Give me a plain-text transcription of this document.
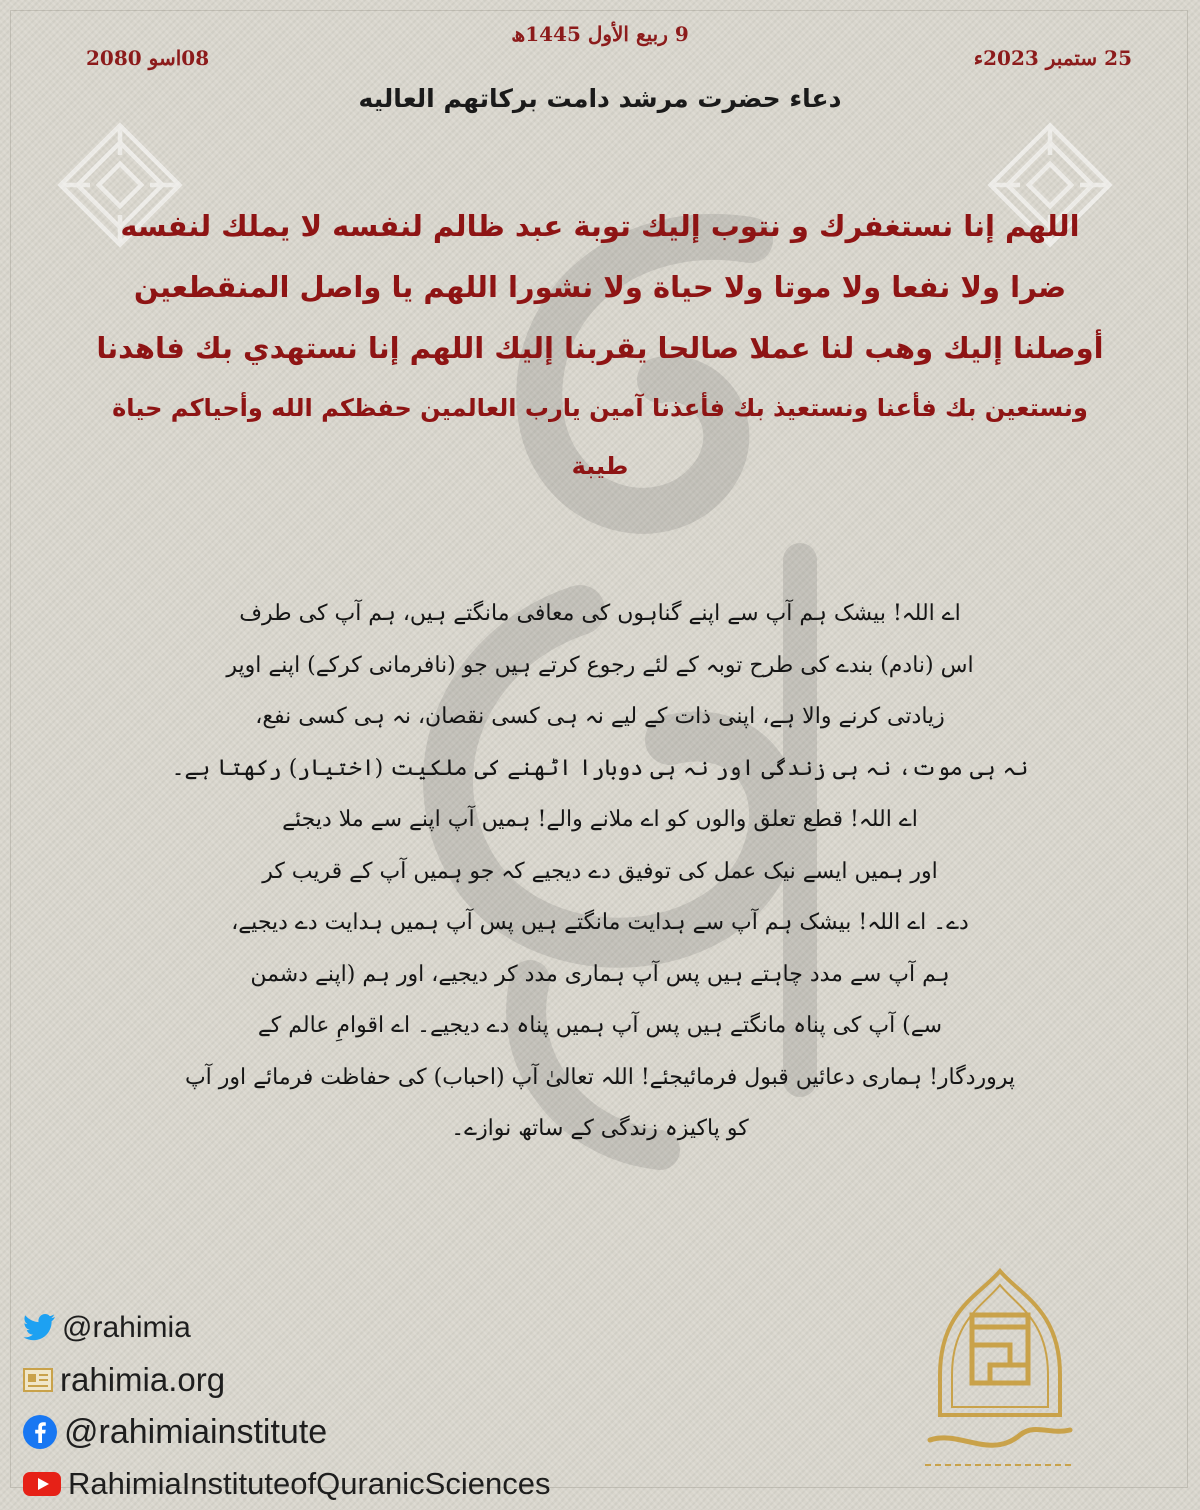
9 ربیع الأول 1445ھ
25 ستمبر 2023ء
08اسو 2080
دعاء حضرت مرشد دامت برکاتھم العالیه
اللهم إنا نستغفرك و نتوب إليك توبة عبد ظالم لنفسه لا يملك لنفسه
ضرا ولا نفعا ولا موتا ولا حياة ولا نشورا اللهم يا واصل المنقطعين
أوصلنا إليك وهب لنا عملا صالحا يقربنا إليك اللهم إنا نستهدي بك فاهدنا
ونستعين بك فأعنا ونستعيذ بك فأعذنا آمين يارب العالمين حفظكم الله وأحياكم حياة
طيبة
اے اللہ! بیشک ہم آپ سے اپنے گناہوں کی معافی مانگتے ہیں، ہم آپ کی طرف
اس (نادم) بندے کی طرح توبہ کے لئے رجوع کرتے ہیں جو (نافرمانی کرکے) اپنے اوپر
زیادتی کرنے والا ہے، اپنی ذات کے لیے نہ ہی کسی نقصان، نہ ہی کسی نفع،
نہ ہی موت، نہ ہی زندگی اور نہ ہی دوبارا اٹھنے کی ملکیت (اختیار) رکھتا ہے۔
اے اللہ! قطع تعلق والوں کو اے ملانے والے! ہمیں آپ اپنے سے ملا دیجئے
اور ہمیں ایسے نیک عمل کی توفیق دے دیجیے کہ جو ہمیں آپ کے قریب کر
دے۔ اے اللہ! بیشک ہم آپ سے ہدایت مانگتے ہیں پس آپ ہمیں ہدایت دے دیجیے،
ہم آپ سے مدد چاہتے ہیں پس آپ ہماری مدد کر دیجیے، اور ہم (اپنے دشمن
سے) آپ کی پناہ مانگتے ہیں پس آپ ہمیں پناہ دے دیجیے۔ اے اقوامِ عالم کے
پروردگار! ہماری دعائیں قبول فرمائیجئے! اللہ تعالیٰ آپ (احباب) کی حفاظت فرمائے اور آپ
کو پاکیزہ زندگی کے ساتھ نوازے۔
@rahimia
rahimia.org
@rahimiainstitute
RahimiaInstituteofQuranicSciences
